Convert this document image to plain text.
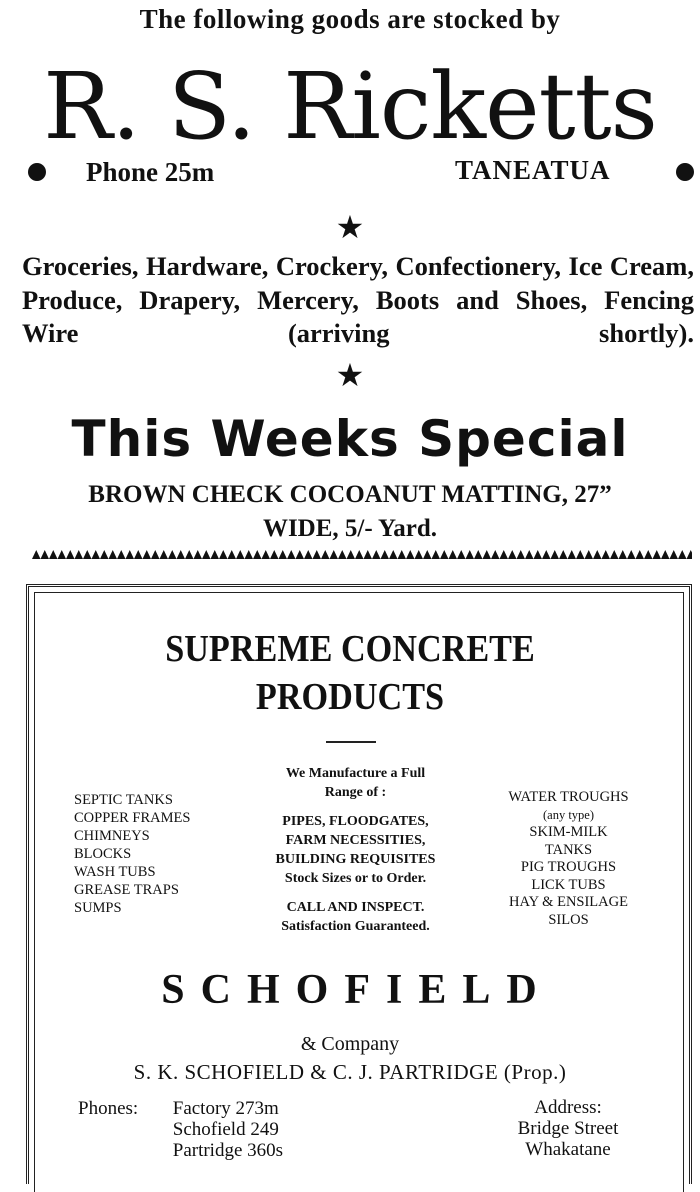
The following goods are stocked by
R. S. Ricketts
Phone 25m	TANEATUA
★
Groceries, Hardware, Crockery, Confectionery, Ice Cream, Produce, Drapery, Mercery, Boots and Shoes, Fencing Wire (arriving shortly).
★
This Weeks Special
BROWN CHECK COCOANUT MATTING, 27”
WIDE, 5/- Yard.
SUPREME CONCRETE
PRODUCTS
SEPTIC TANKS
COPPER FRAMES
CHIMNEYS
BLOCKS
WASH TUBS
GREASE TRAPS
SUMPS
We Manufacture a Full
Range of :
PIPES, FLOODGATES,
FARM NECESSITIES,
BUILDING REQUISITES
Stock Sizes or to Order.
CALL AND INSPECT.
Satisfaction Guaranteed.
WATER TROUGHS
(any type)
SKIM-MILK
TANKS
PIG TROUGHS
LICK TUBS
HAY & ENSILAGE
SILOS
SCHOFIELD
& Company
S. K. SCHOFIELD & C. J. PARTRIDGE (Prop.)
Phones: Factory 273m
Schofield 249
Partridge 360s
Address:
Bridge Street
Whakatane
